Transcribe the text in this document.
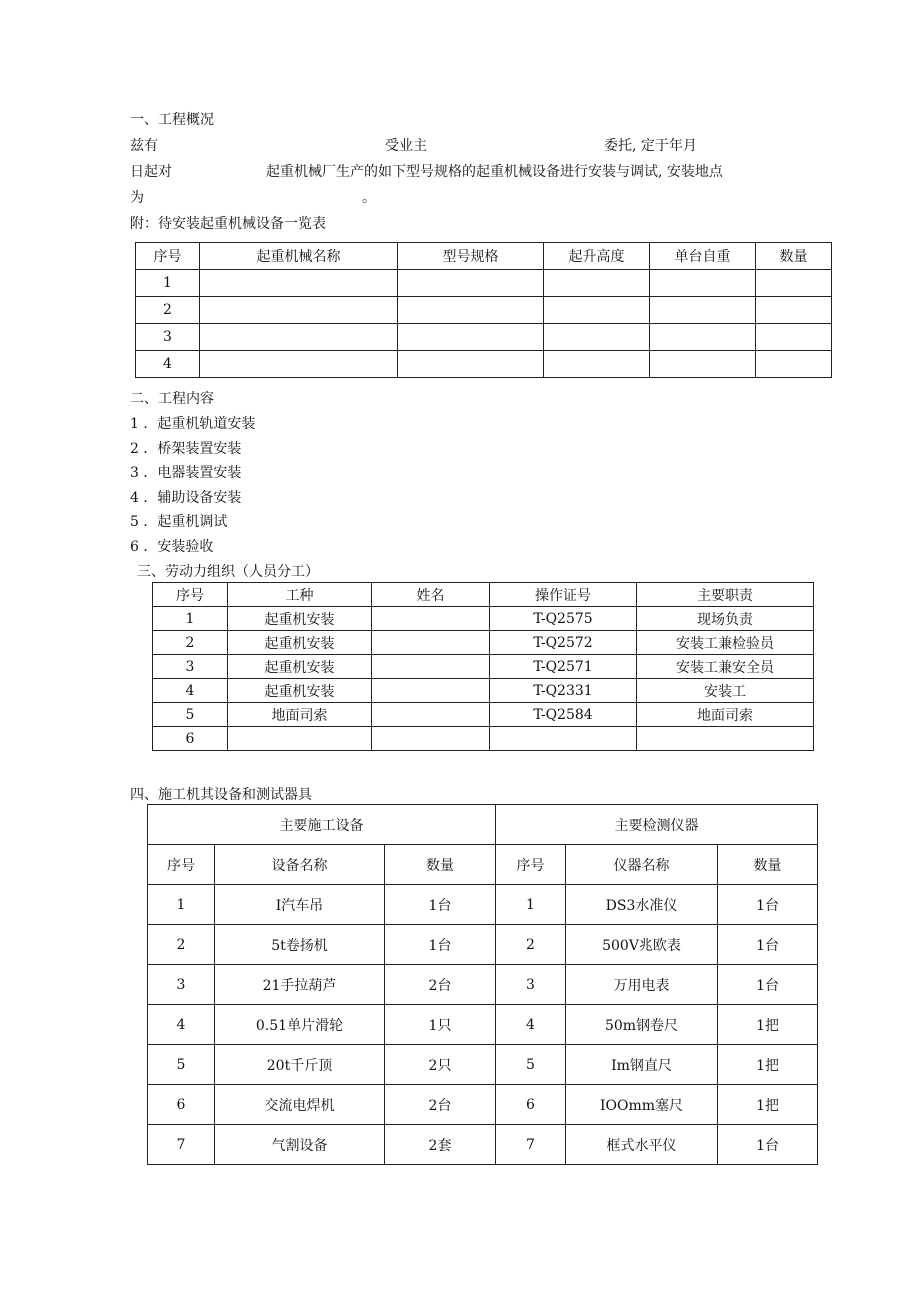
一、工程概况
兹有	受业主	委托, 定于年月
日起对	起重机械厂生产的如下型号规格的起重机械设备进行安装与调试, 安装地点
为	。
附：待安装起重机械设备一览表
序号	起重机械名称	型号规格	起升高度	单台自重	数量
1					
2					
3					
4					
二、工程内容
1 ．起重机轨道安装
2 ．桥架装置安装
3 ．电器装置安装
4 ．辅助设备安装
5 ．起重机调试
6 ．安装验收
三、劳动力组织（人员分工）
序号	工种	姓名	操作证号	主要职责
1	起重机安装		T-Q2575	现场负责
2	起重机安装		T-Q2572	安装工兼检验员
3	起重机安装		T-Q2571	安装工兼安全员
4	起重机安装		T-Q2331	安装工
5	地面司索		T-Q2584	地面司索
6				
四、施工机其设备和测试器具
主要施工设备			主要检测仪器		
序号	设备名称	数量	序号	仪器名称	数量
1	I汽车吊	1台	1	DS3水准仪	1台
2	5t卷扬机	1台	2	500V兆欧表	1台
3	21手拉葫芦	2台	3	万用电表	1台
4	0.51单片滑轮	1只	4	50m钢卷尺	1把
5	20t千斤顶	2只	5	Im钢直尺	1把
6	交流电焊机	2台	6	IOOmm塞尺	1把
7	气割设备	2套	7	框式水平仪	1台
